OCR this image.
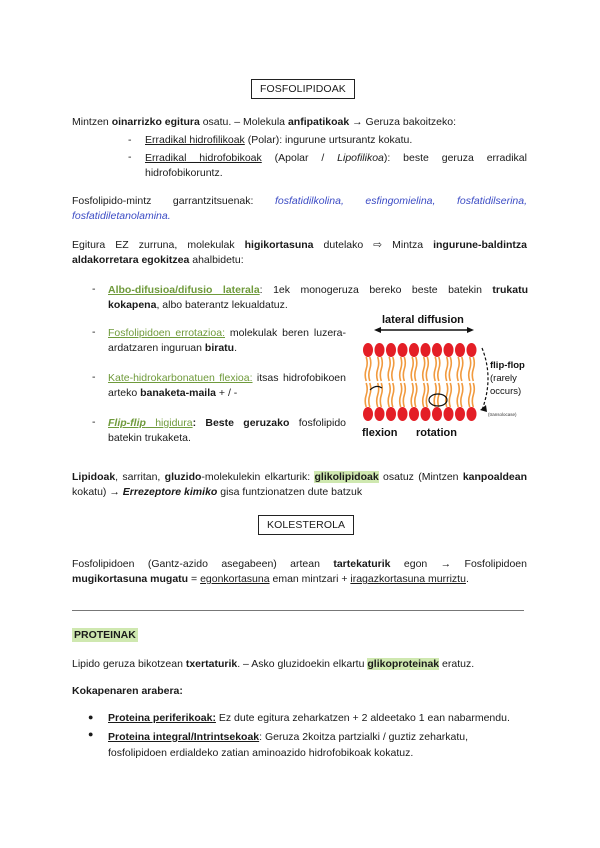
FOSFOLIPIDOAK
Mintzen oinarrizko egitura osatu. – Molekula anfipatikoak → Geruza bakoitzeko:
- Erradikal hidrofilikoak (Polar): ingurune urtsurantz kokatu.
- Erradikal hidrofobikoak (Apolar / Lipofilikoa): beste geruza erradikal hidrofobikoruntz.
Fosfolipido-mintz garrantzitsuenak: fosfatidilkolina, esfingomielina, fosfatidilserina, fosfatidiletanolamina.
Egitura EZ zurruna, molekulak higikortasuna dutelako ⇨ Mintza ingurune-baldintza aldakorretara egokitzea ahalbidetu:
- Albo-difusioa/difusio laterala: 1ek monogeruza bereko beste batekin trukatu kokapena, albo baterantz lekualdatuz.
- Fosfolipidoen errotazioa: molekulak beren luzera-ardatzaren inguruan biratu.
- Kate-hidrokarbonatuen flexioa: itsas hidrofobikoen arteko banaketa-maila + / -
- Flip-flip higidura: Beste geruzako fosfolipido batekin trukaketa.
lateral diffusion
flip-flop
(rarely
occurs)
(transolocase)
flexion rotation
Lipidoak, sarritan, gluzido-molekulekin elkarturik: glikolipidoak osatuz (Mintzen kanpoaldean kokatu) → Errezeptore kimiko gisa funtzionatzen dute batzuk
KOLESTEROLA
Fosfolipidoen (Gantz-azido asegabeen) artean tartekaturik egon → Fosfolipidoen mugikortasuna mugatu = egonkortasuna eman mintzari + iragazkortasuna murriztu.
PROTEINAK
Lipido geruza bikotzean txertaturik. – Asko gluzidoekin elkartu glikoproteinak eratuz.
Kokapenaren arabera:
● Proteina periferikoak: Ez dute egitura zeharkatzen + 2 aldeetako 1 ean nabarmendu.
● Proteina integral/Intrintsekoak: Geruza 2koitza partzialki / guztiz zeharkatu, fosfolipidoen erdialdeko zatian aminoazido hidrofobikoak kokatuz.
